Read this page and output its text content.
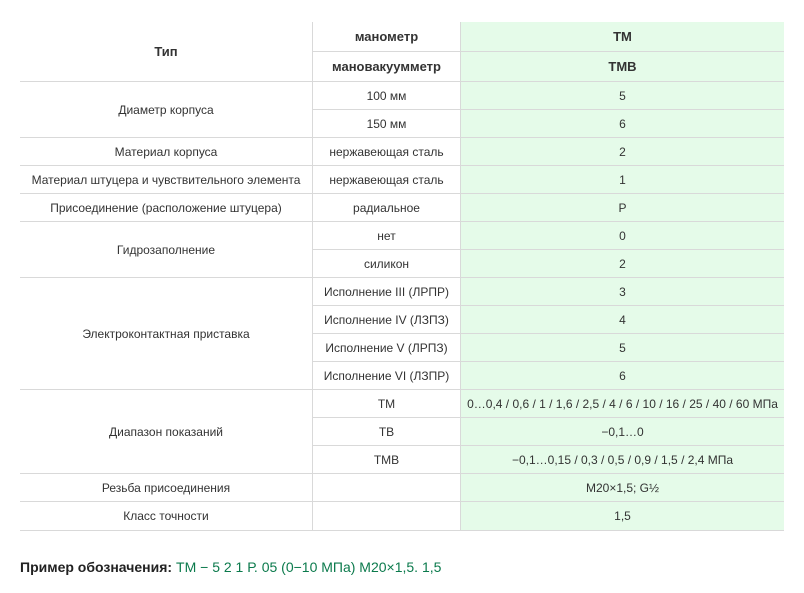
Тип	манометр	ТМ
	мановакуумметр	ТМВ
Диаметр корпуса	100 мм	5
	150 мм	6
Материал корпуса	нержавеющая сталь	2
Материал штуцера и чувствительного элемента	нержавеющая сталь	1
Присоединение (расположение штуцера)	радиальное	Р
Гидрозаполнение	нет	0
	силикон	2
Электроконтактная приставка	Исполнение III (ЛРПР)	3
	Исполнение IV (ЛЗПЗ)	4
	Исполнение V (ЛРПЗ)	5
	Исполнение VI (ЛЗПР)	6
Диапазон показаний	ТМ	0…0,4 / 0,6 / 1 / 1,6 / 2,5 / 4 / 6 / 10 / 16 / 25 / 40 / 60 МПа
	ТВ	−0,1…0
	ТМВ	−0,1…0,15 / 0,3 / 0,5 / 0,9 / 1,5 / 2,4 МПа
Резьба присоединения		М20×1,5; G½
Класс точности		1,5
Пример обозначения: ТМ − 5 2 1 Р. 05 (0−10 МПа) М20×1,5. 1,5
